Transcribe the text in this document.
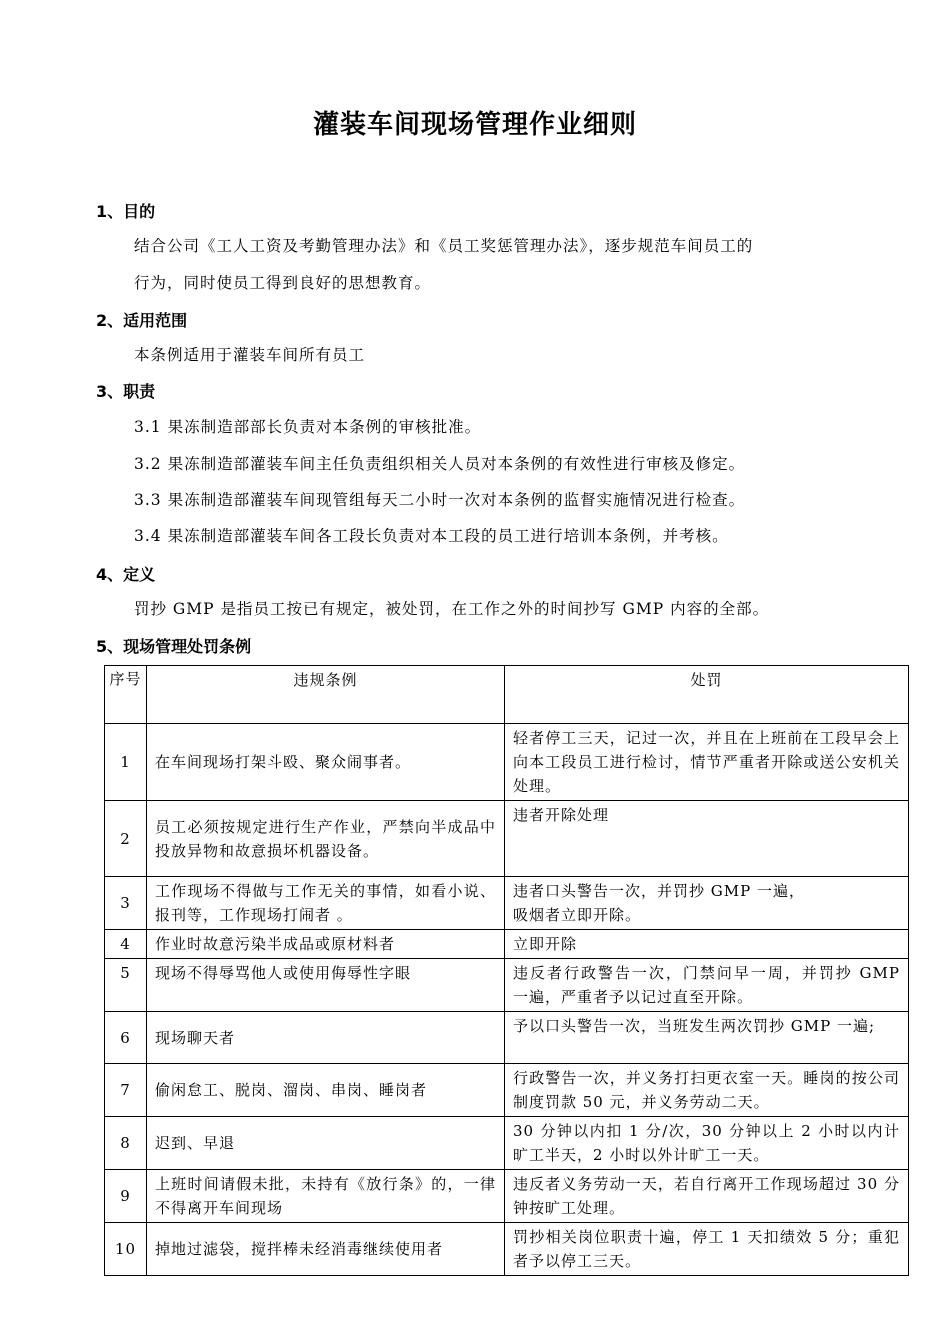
灌装车间现场管理作业细则
1、目的
结合公司《工人工资及考勤管理办法》和《员工奖惩管理办法》，逐步规范车间员工的
行为，同时使员工得到良好的思想教育。
2、适用范围
本条例适用于灌装车间所有员工
3、职责
3.1 果冻制造部部长负责对本条例的审核批准。
3.2 果冻制造部灌装车间主任负责组织相关人员对本条例的有效性进行审核及修定。
3.3 果冻制造部灌装车间现管组每天二小时一次对本条例的监督实施情况进行检查。
3.4 果冻制造部灌装车间各工段长负责对本工段的员工进行培训本条例，并考核。
4、定义
罚抄 GMP 是指员工按已有规定，被处罚，在工作之外的时间抄写 GMP 内容的全部。
5、现场管理处罚条例
序号	违规条例	处罚
1	在车间现场打架斗殴、聚众闹事者。	轻者停工三天，记过一次，并且在上班前在工段早会上向本工段员工进行检讨，情节严重者开除或送公安机关处理。
2	员工必须按规定进行生产作业，严禁向半成品中投放异物和故意损坏机器设备。	违者开除处理
3	工作现场不得做与工作无关的事情，如看小说、报刊等，工作现场打闹者 。	违者口头警告一次，并罚抄 GMP 一遍，
吸烟者立即开除。
4	作业时故意污染半成品或原材料者	立即开除
5	现场不得辱骂他人或使用侮辱性字眼	违反者行政警告一次，门禁问早一周，并罚抄 GMP 一遍，严重者予以记过直至开除。
6	现场聊天者	予以口头警告一次，当班发生两次罚抄 GMP 一遍;
7	偷闲怠工、脱岗、溜岗、串岗、睡岗者	行政警告一次，并义务打扫更衣室一天。睡岗的按公司制度罚款 50 元，并义务劳动二天。
8	迟到、早退	30 分钟以内扣 1 分/次，30 分钟以上 2 小时以内计旷工半天，2 小时以外计旷工一天。
9	上班时间请假未批，未持有《放行条》的，一律不得离开车间现场	违反者义务劳动一天，若自行离开工作现场超过 30 分钟按旷工处理。
10	掉地过滤袋，搅拌棒未经消毒继续使用者	罚抄相关岗位职责十遍，停工 1 天扣绩效 5 分；重犯者予以停工三天。
